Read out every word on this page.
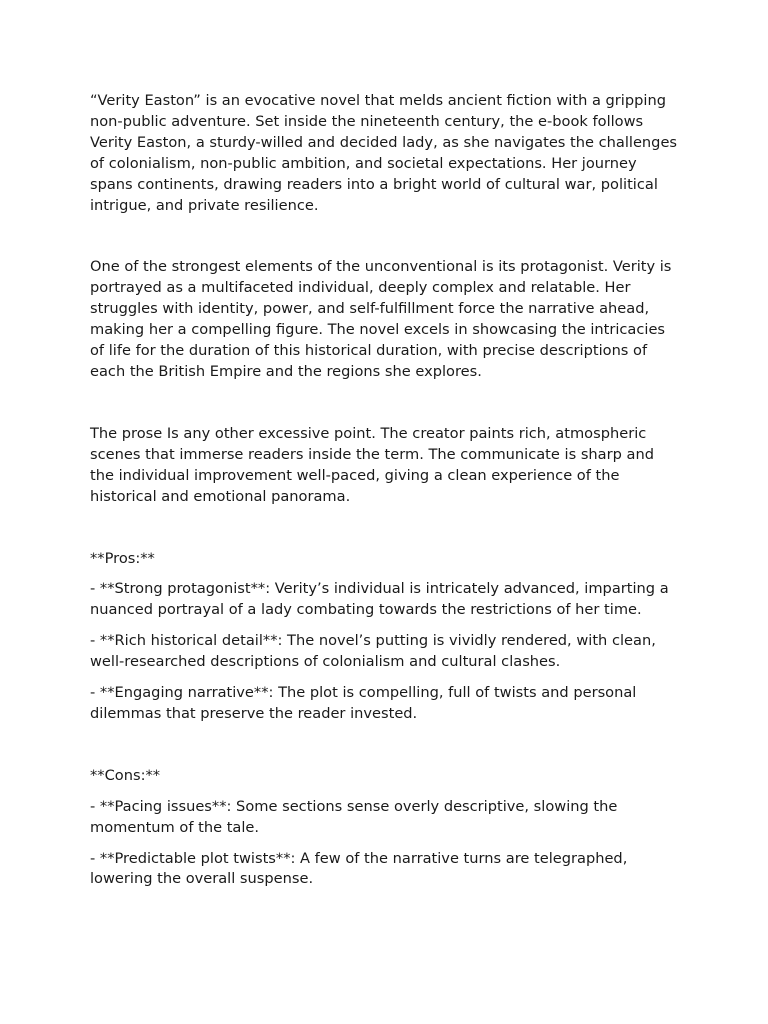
“Verity Easton” is an evocative novel that melds ancient fiction with a gripping non-public adventure. Set inside the nineteenth century, the e-book follows Verity Easton, a sturdy-willed and decided lady, as she navigates the challenges of colonialism, non-public ambition, and societal expectations. Her journey spans continents, drawing readers into a bright world of cultural war, political intrigue, and private resilience.

One of the strongest elements of the unconventional is its protagonist. Verity is portrayed as a multifaceted individual, deeply complex and relatable. Her struggles with identity, power, and self-fulfillment force the narrative ahead, making her a compelling figure. The novel excels in showcasing the intricacies of life for the duration of this historical duration, with precise descriptions of each the British Empire and the regions she explores.

The prose Is any other excessive point. The creator paints rich, atmospheric scenes that immerse readers inside the term. The communicate is sharp and the individual improvement well-paced, giving a clean experience of the historical and emotional panorama.

**Pros:**

- **Strong protagonist**: Verity’s individual is intricately advanced, imparting a nuanced portrayal of a lady combating towards the restrictions of her time.

- **Rich historical detail**: The novel’s putting is vividly rendered, with clean, well-researched descriptions of colonialism and cultural clashes.

- **Engaging narrative**: The plot is compelling, full of twists and personal dilemmas that preserve the reader invested.

**Cons:**

- **Pacing issues**: Some sections sense overly descriptive, slowing the momentum of the tale.

- **Predictable plot twists**: A few of the narrative turns are telegraphed, lowering the overall suspense.
